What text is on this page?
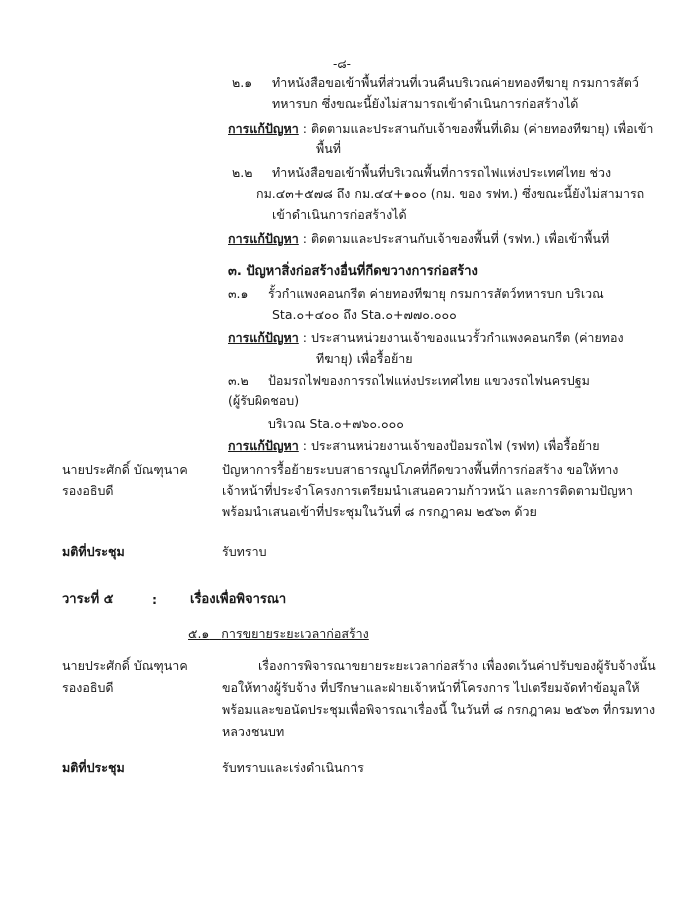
-๘-
๒.๑ ทำหนังสือขอเข้าพื้นที่ส่วนที่เวนคืนบริเวณค่ายทองทีฆายุ กรมการสัตว์
ทหารบก ซึ่งขณะนี้ยังไม่สามารถเข้าดำเนินการก่อสร้างได้
การแก้ปัญหา : ติดตามและประสานกับเจ้าของพื้นที่เดิม (ค่ายทองทีฆายุ) เพื่อเข้า
พื้นที่
๒.๒ ทำหนังสือขอเข้าพื้นที่บริเวณพื้นที่การรถไฟแห่งประเทศไทย ช่วง
กม.๔๓+๕๗๘ ถึง กม.๔๔+๑๐๐ (กม. ของ รฟท.) ซึ่งขณะนี้ยังไม่สามารถ
เข้าดำเนินการก่อสร้างได้
การแก้ปัญหา : ติดตามและประสานกับเจ้าของพื้นที่ (รฟท.) เพื่อเข้าพื้นที่
๓. ปัญหาสิ่งก่อสร้างอื่นที่กีดขวางการก่อสร้าง
๓.๑ รั้วกำแพงคอนกรีต ค่ายทองทีฆายุ กรมการสัตว์ทหารบก บริเวณ
Sta.๐+๔๐๐ ถึง Sta.๐+๗๗๐.๐๐๐
การแก้ปัญหา : ประสานหน่วยงานเจ้าของแนวรั้วกำแพงคอนกรีต (ค่ายทอง
ทีฆายุ) เพื่อรื้อย้าย
๓.๒ ป้อมรถไฟของการรถไฟแห่งประเทศไทย แขวงรถไฟนครปฐม
(ผู้รับผิดชอบ)
บริเวณ Sta.๐+๗๖๐.๐๐๐
การแก้ปัญหา : ประสานหน่วยงานเจ้าของป้อมรถไฟ (รฟท) เพื่อรื้อย้าย
นายประศักดิ์ บัณฑุนาค
รองอธิบดี
ปัญหาการรื้อย้ายระบบสาธารณูปโภคที่กีดขวางพื้นที่การก่อสร้าง ขอให้ทาง
เจ้าหน้าที่ประจำโครงการเตรียมนำเสนอความก้าวหน้า และการติดตามปัญหา
พร้อมนำเสนอเข้าที่ประชุมในวันที่ ๘ กรกฎาคม ๒๕๖๓ ด้วย
มติที่ประชุม	รับทราบ
วาระที่ ๕	:	เรื่องเพื่อพิจารณา
๕.๑ การขยายระยะเวลาก่อสร้าง
นายประศักดิ์ บัณฑุนาค
รองอธิบดี
เรื่องการพิจารณาขยายระยะเวลาก่อสร้าง เพื่องดเว้นค่าปรับของผู้รับจ้างนั้น
ขอให้ทางผู้รับจ้าง ที่ปรึกษาและฝ่ายเจ้าหน้าที่โครงการ ไปเตรียมจัดทำข้อมูลให้
พร้อมและขอนัดประชุมเพื่อพิจารณาเรื่องนี้ ในวันที่ ๘ กรกฎาคม ๒๕๖๓ ที่กรมทาง
หลวงชนบท
มติที่ประชุม	รับทราบและเร่งดำเนินการ
